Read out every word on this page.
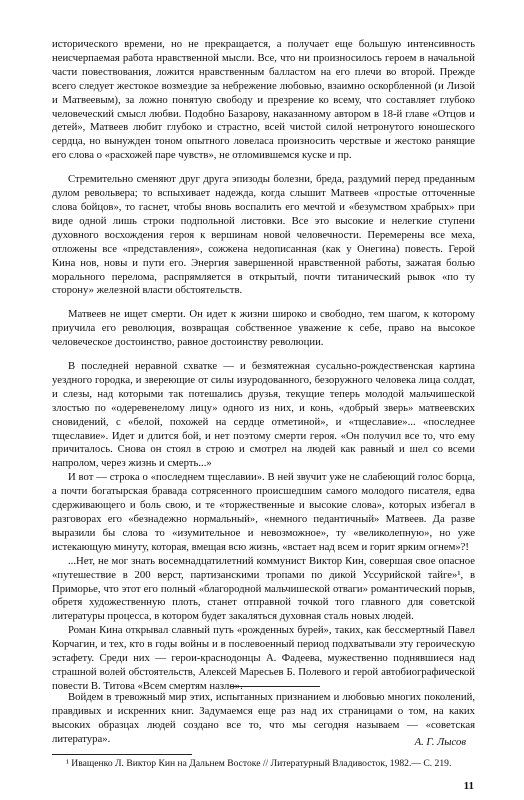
исторического времени, но не прекращается, а получает еще большую интенсивность неисчерпаемая работа нравственной мысли. Все, что ни произносилось героем в начальной части повествования, ложится нравственным балластом на его плечи во второй. Прежде всего следует жестокое возмездие за небрежение любовью, взаимно оскорбленной (и Лизой и Матвеевым), за ложно понятую свободу и презрение ко всему, что составляет глубоко человеческий смысл любви. Подобно Базарову, наказанному автором в 18-й главе «Отцов и детей», Матвеев любит глубоко и страстно, всей чистой силой нетронутого юношеского сердца, но вынужден тоном опытного ловеласа произносить черствые и жестоко ранящие его слова о «расхожей паре чувств», не отломившемся куске и пр.

Стремительно сменяют друг друга эпизоды болезни, бреда, раздумий перед преданным дулом револьвера; то вспыхивает надежда, когда слышит Матвеев «простые отточенные слова бойцов», то гаснет, чтобы вновь воспалить его мечтой и «безумством храбрых» при виде одной лишь строки подпольной листовки. Все это высокие и нелегкие ступени духовного восхождения героя к вершинам новой человечности. Перемерены все меха, отложены все «представления», сожжена недописанная (как у Онегина) повесть. Герой Кина нов, новы и пути его. Энергия завершенной нравственной работы, зажатая болью морального перелома, распрямляется в открытый, почти титанический рывок «по ту сторону» железной власти обстоятельств.

Матвеев не ищет смерти. Он идет к жизни широко и свободно, тем шагом, к которому приучила его революция, возвращая собственное уважение к себе, право на высокое человеческое достоинство, равное достоинству революции.

В последней неравной схватке — и безмятежная сусально-рождественская картина уездного городка, и звереющие от силы изуродованного, безоружного человека лица солдат, и слезы, над которыми так потешались друзья, текущие теперь молодой мальчишеской злостью по «одеревенелому лицу» одного из них, и конь, «добрый зверь» матвеевских сновидений, с «белой, похожей на сердце отметиной», и «тщеславие»... «последнее тщеславие». Идет и длится бой, и нет поэтому смерти героя. «Он получил все то, что ему причиталось. Снова он стоял в строю и смотрел на людей как равный и шел со всеми напролом, через жизнь и смерть...»

И вот — строка о «последнем тщеславии». В ней звучит уже не слабеющий голос борца, а почти богатырская бравада сотрясенного происшедшим самого молодого писателя, едва сдерживающего и боль свою, и те «торжественные и высокие слова», которых избегал в разговорах его «безнадежно нормальный», «немного педантичный» Матвеев. Да разве выразили бы слова то «изумительное и невозможное», ту «великолепную», но уже истекающую минуту, которая, вмещая всю жизнь, «встает над всем и горит ярким огнем»?!

...Нет, не мог знать восемнадцатилетний коммунист Виктор Кин, совершая свое опасное «путешествие в 200 верст, партизанскими тропами по дикой Уссурийской тайге»¹, в Приморье, что этот его полный «благородной мальчишеской отваги» романтический порыв, обретя художественную плоть, станет отправной точкой того главного для советской литературы процесса, в котором будет закаляться духовная сталь новых людей.

Роман Кина открывал славный путь «рожденных бурей», таких, как бессмертный Павел Корчагин, и тех, кто в годы войны и в послевоенный период подхватывали эту героическую эстафету. Среди них — герои-краснодонцы А. Фадеева, мужественно поднявшиеся над страшной волей обстоятельств, Алексей Маресьев Б. Полевого и герой автобиографической повести В. Титова «Всем смертям назло».

Войдем в тревожный мир этих, испытанных признанием и любовью многих поколений, правдивых и искренних книг. Задумаемся еще раз над их страницами о том, на каких высоких образцах людей создано все то, что мы сегодня называем — «советская литература».	А. Г. Лысов
¹ Иващенко Л. Виктор Кин на Дальнем Востоке // Литературный Владивосток, 1982.— С. 219.
11
